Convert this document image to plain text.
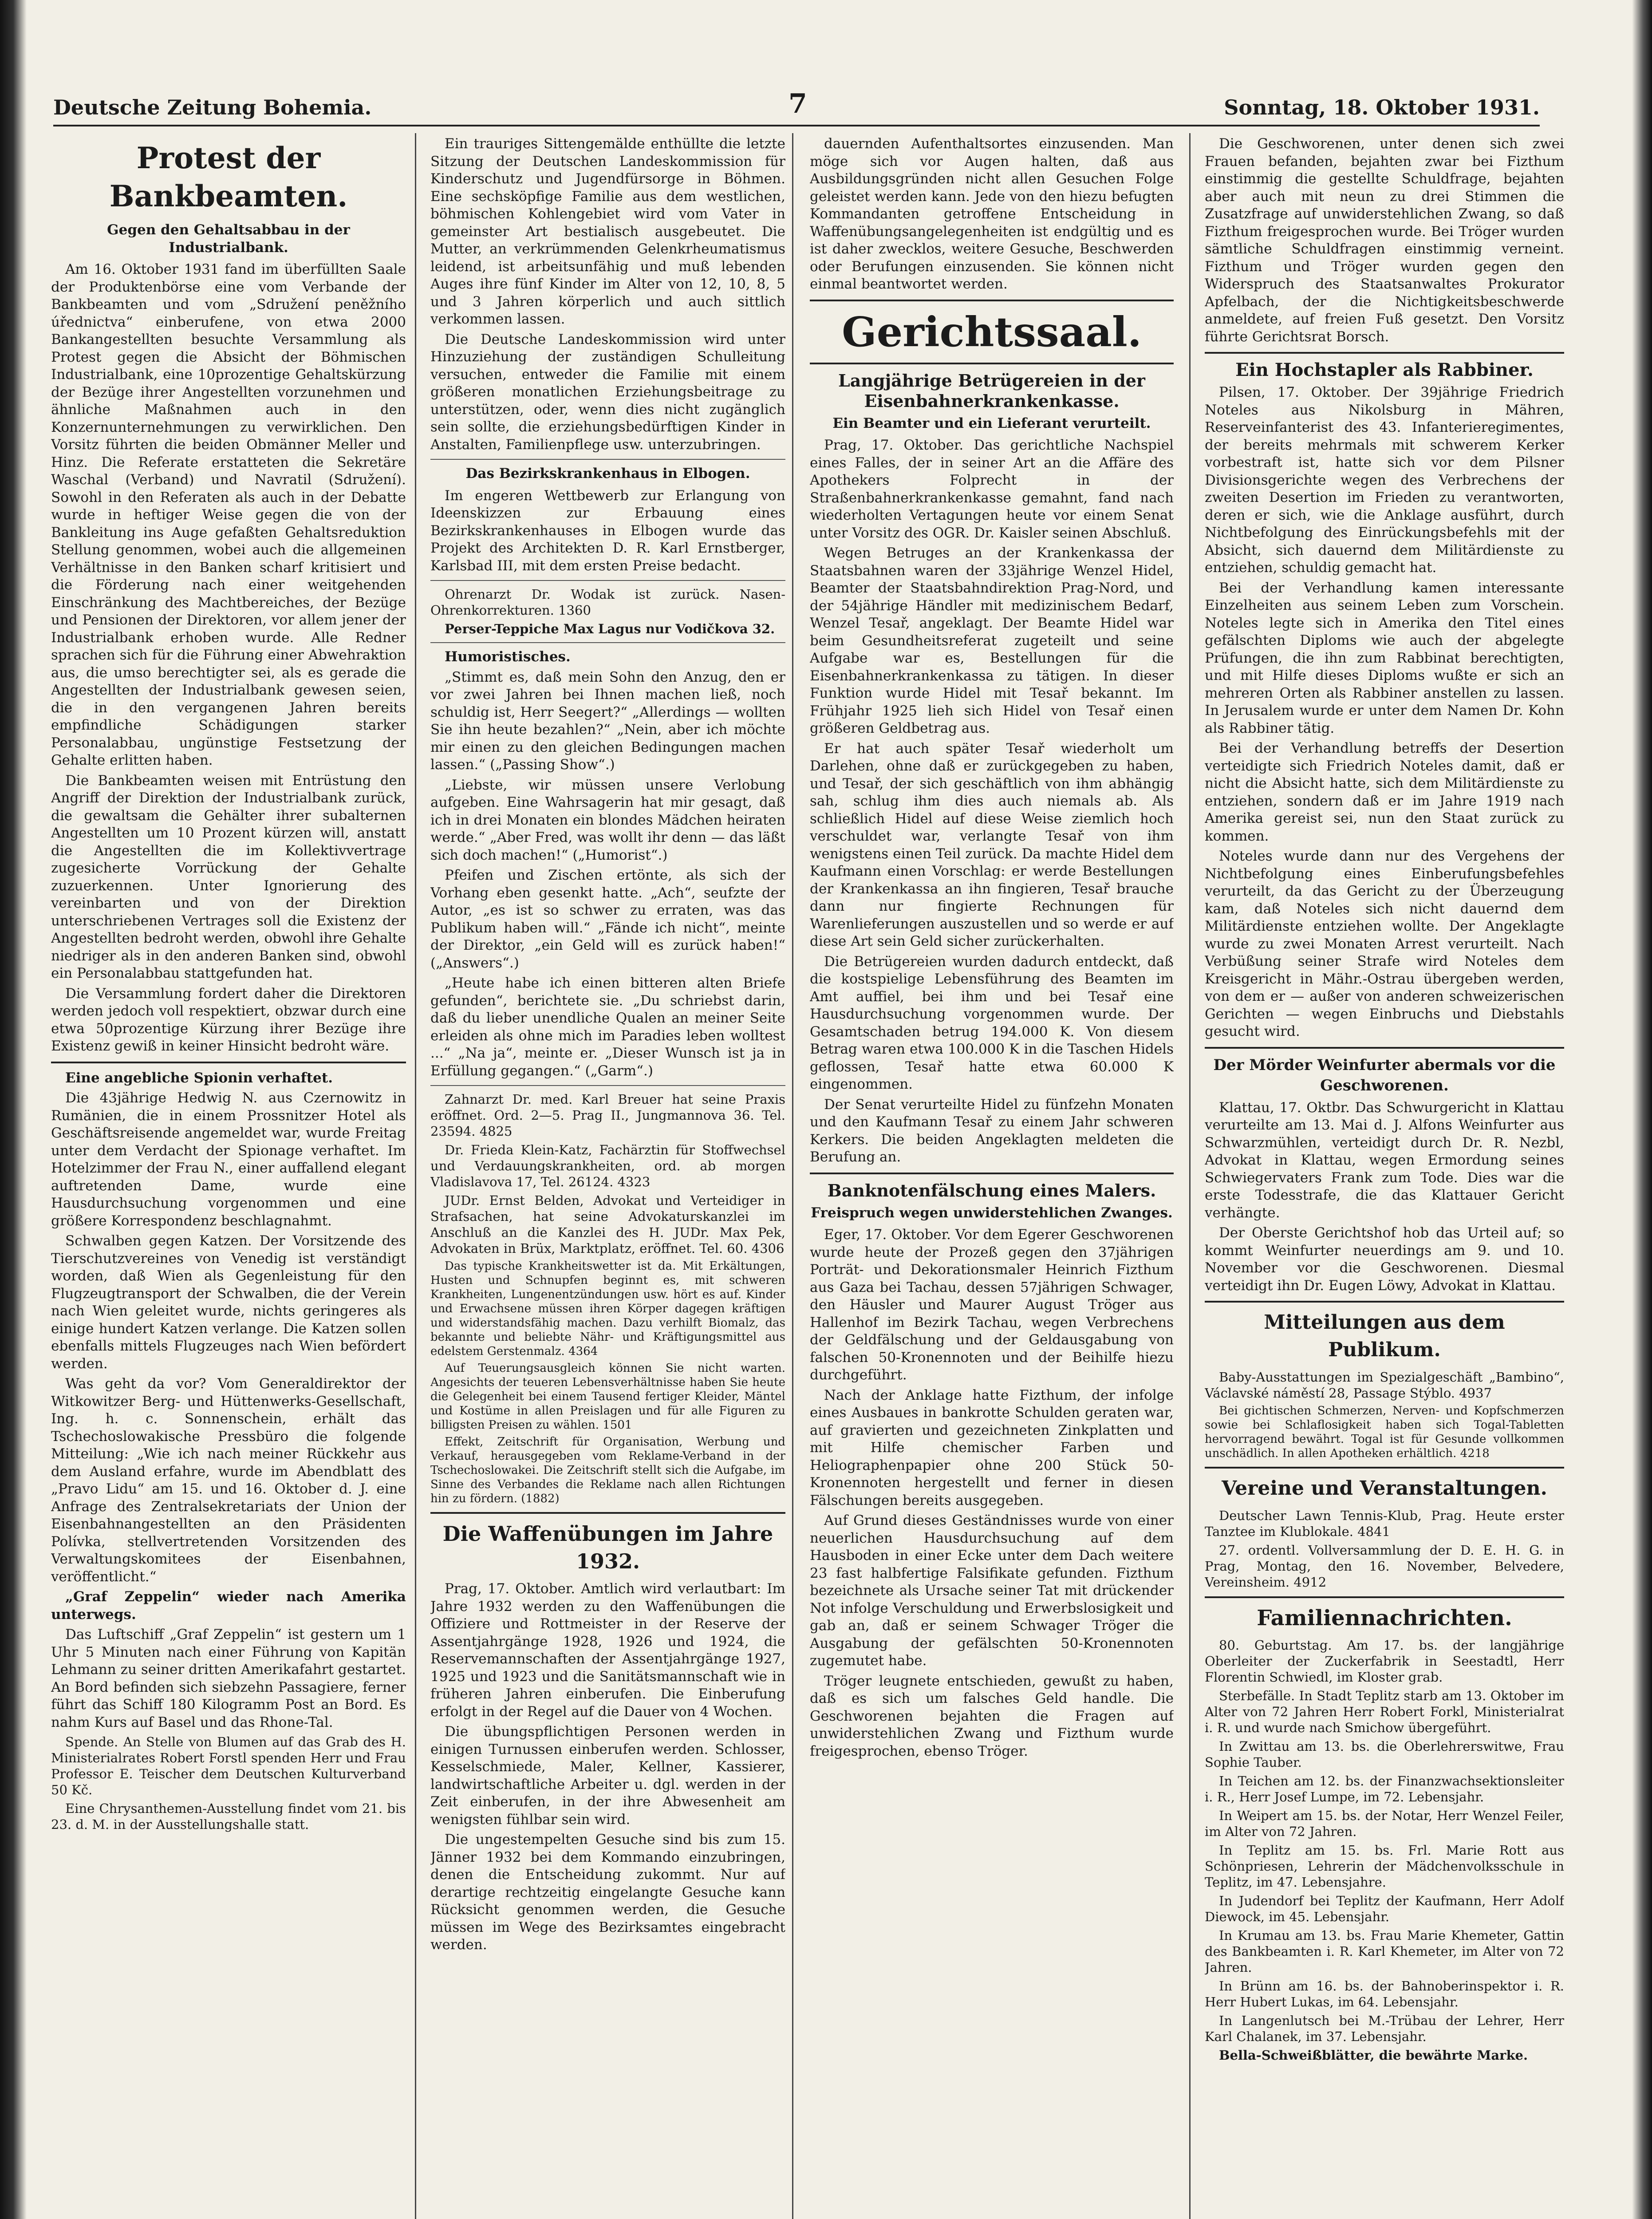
Deutsche Zeitung Bohemia.	7	Sonntag, 18. Oktober 1931.
Protest der Bankbeamten.
Gegen den Gehaltsabbau in der Industrialbank.

Am 16. Oktober 1931 fand im überfüllten Saale der Produktenbörse eine vom Verbande der Bankbeamten und vom „Sdružení peněžního úřednictva“ einberufene, von etwa 2000 Bankangestellten besuchte Versammlung als Protest gegen die Absicht der Böhmischen Industrialbank, eine 10prozentige Gehaltskürzung der Bezüge ihrer Angestellten vorzunehmen und ähnliche Maßnahmen auch in den Konzernunternehmungen zu verwirklichen. Den Vorsitz führten die beiden Obmänner Meller und Hinz. Die Referate erstatteten die Sekretäre Waschal (Verband) und Navratil (Sdružení). Sowohl in den Referaten als auch in der Debatte wurde in heftiger Weise gegen die von der Bankleitung ins Auge gefaßten Gehaltsreduktion Stellung genommen, wobei auch die allgemeinen Verhältnisse in den Banken scharf kritisiert und die Förderung nach einer weitgehenden Einschränkung des Machtbereiches, der Bezüge und Pensionen der Direktoren, vor allem jener der Industrialbank erhoben wurde. Alle Redner sprachen sich für die Führung einer Abwehraktion aus, die umso berechtigter sei, als es gerade die Angestellten der Industrialbank gewesen seien, die in den vergangenen Jahren bereits empfindliche Schädigungen starker Personalabbau, ungünstige Festsetzung der Gehalte erlitten haben.

Die Bankbeamten weisen mit Entrüstung den Angriff der Direktion der Industrialbank zurück, die gewaltsam die Gehälter ihrer subalternen Angestellten um 10 Prozent kürzen will, anstatt die Angestellten die im Kollektivvertrage zugesicherte Vorrückung der Gehalte zuzuerkennen. Unter Ignorierung des vereinbarten und von der Direktion unterschriebenen Vertrages soll die Existenz der Angestellten bedroht werden, obwohl ihre Gehalte niedriger als in den anderen Banken sind, obwohl ein Personalabbau stattgefunden hat.

Die Versammlung fordert daher die Direktoren werden jedoch voll respektiert, obzwar durch eine etwa 50prozentige Kürzung ihrer Bezüge ihre Existenz gewiß in keiner Hinsicht bedroht wäre.

Eine angebliche Spionin verhaftet.

Die 43jährige Hedwig N. aus Czernowitz in Rumänien, die in einem Prossnitzer Hotel als Geschäftsreisende angemeldet war, wurde Freitag unter dem Verdacht der Spionage verhaftet. Im Hotelzimmer der Frau N., einer auffallend elegant auftretenden Dame, wurde eine Hausdurchsuchung vorgenommen und eine größere Korrespondenz beschlagnahmt.

Schwalben gegen Katzen. Der Vorsitzende des Tierschutzvereines von Venedig ist verständigt worden, daß Wien als Gegenleistung für den Flugzeugtransport der Schwalben, die der Verein nach Wien geleitet wurde, nichts geringeres als einige hundert Katzen verlange. Die Katzen sollen ebenfalls mittels Flugzeuges nach Wien befördert werden.

Was geht da vor? Vom Generaldirektor der Witkowitzer Berg- und Hüttenwerks-Gesellschaft, Ing. h. c. Sonnenschein, erhält das Tschechoslowakische Pressbüro die folgende Mitteilung: „Wie ich nach meiner Rückkehr aus dem Ausland erfahre, wurde im Abendblatt des „Pravo Lidu“ am 15. und 16. Oktober d. J. eine Anfrage des Zentralsekretariats der Union der Eisenbahnangestellten an den Präsidenten Polívka, stellvertretenden Vorsitzenden des Verwaltungskomitees der Eisenbahnen, veröffentlicht.“

„Graf Zeppelin“ wieder nach Amerika unterwegs.

Das Luftschiff „Graf Zeppelin“ ist gestern um 1 Uhr 5 Minuten nach einer Führung von Kapitän Lehmann zu seiner dritten Amerikafahrt gestartet. An Bord befinden sich siebzehn Passagiere, ferner führt das Schiff 180 Kilogramm Post an Bord. Es nahm Kurs auf Basel und das Rhone-Tal.

Spende. An Stelle von Blumen auf das Grab des H. Ministerialrates Robert Forstl spenden Herr und Frau Professor E. Teischer dem Deutschen Kulturverband 50 Kč.

Eine Chrysanthemen-Ausstellung findet vom 21. bis 23. d. M. in der Ausstellungshalle statt.

Ein trauriges Sittengemälde enthüllte die letzte Sitzung der Deutschen Landeskommission für Kinderschutz und Jugendfürsorge in Böhmen. Eine sechsköpfige Familie aus dem westlichen, böhmischen Kohlengebiet wird vom Vater in gemeinster Art bestialisch ausgebeutet. Die Mutter, an verkrümmenden Gelenkrheumatismus leidend, ist arbeitsunfähig und muß lebenden Auges ihre fünf Kinder im Alter von 12, 10, 8, 5 und 3 Jahren körperlich und auch sittlich verkommen lassen.

Die Deutsche Landeskommission wird unter Hinzuziehung der zuständigen Schulleitung versuchen, entweder die Familie mit einem größeren monatlichen Erziehungsbeitrage zu unterstützen, oder, wenn dies nicht zugänglich sein sollte, die erziehungsbedürftigen Kinder in Anstalten, Familienpflege usw. unterzubringen.

Das Bezirkskrankenhaus in Elbogen.

Im engeren Wettbewerb zur Erlangung von Ideenskizzen zur Erbauung eines Bezirkskrankenhauses in Elbogen wurde das Projekt des Architekten D. R. Karl Ernstberger, Karlsbad III, mit dem ersten Preise bedacht.

Ohrenarzt Dr. Wodak ist zurück. Nasen-Ohrenkorrekturen. 1360

Perser-Teppiche Max Lagus nur Vodičkova 32.

Humoristisches.

„Stimmt es, daß mein Sohn den Anzug, den er vor zwei Jahren bei Ihnen machen ließ, noch schuldig ist, Herr Seegert?“ „Allerdings — wollten Sie ihn heute bezahlen?“ „Nein, aber ich möchte mir einen zu den gleichen Bedingungen machen lassen.“ („Passing Show“.)

„Liebste, wir müssen unsere Verlobung aufgeben. Eine Wahrsagerin hat mir gesagt, daß ich in drei Monaten ein blondes Mädchen heiraten werde.“ „Aber Fred, was wollt ihr denn — das läßt sich doch machen!“ („Humorist“.)

Pfeifen und Zischen ertönte, als sich der Vorhang eben gesenkt hatte. „Ach“, seufzte der Autor, „es ist so schwer zu erraten, was das Publikum haben will.“ „Fände ich nicht“, meinte der Direktor, „ein Geld will es zurück haben!“ („Answers“.)

„Heute habe ich einen bitteren alten Briefe gefunden“, berichtete sie. „Du schriebst darin, daß du lieber unendliche Qualen an meiner Seite erleiden als ohne mich im Paradies leben wolltest ...“ „Na ja“, meinte er. „Dieser Wunsch ist ja in Erfüllung gegangen.“ („Garm“.)

Zahnarzt Dr. med. Karl Breuer hat seine Praxis eröffnet. Ord. 2—5. Prag II., Jungmannova 36. Tel. 23594. 4825

Dr. Frieda Klein-Katz, Fachärztin für Stoffwechsel und Verdauungskrankheiten, ord. ab morgen Vladislavova 17, Tel. 26124. 4323

JUDr. Ernst Belden, Advokat und Verteidiger in Strafsachen, hat seine Advokaturskanzlei im Anschluß an die Kanzlei des H. JUDr. Max Pek, Advokaten in Brüx, Marktplatz, eröffnet. Tel. 60. 4306

Das typische Krankheitswetter ist da. Mit Erkältungen, Husten und Schnupfen beginnt es, mit schweren Krankheiten, Lungenentzündungen usw. hört es auf. Kinder und Erwachsene müssen ihren Körper dagegen kräftigen und widerstandsfähig machen. Dazu verhilft Biomalz, das bekannte und beliebte Nähr- und Kräftigungsmittel aus edelstem Gerstenmalz. 4364

Auf Teuerungsausgleich können Sie nicht warten. Angesichts der teueren Lebensverhältnisse haben Sie heute die Gelegenheit bei einem Tausend fertiger Kleider, Mäntel und Kostüme in allen Preislagen und für alle Figuren zu billigsten Preisen zu wählen. 1501

Effekt, Zeitschrift für Organisation, Werbung und Verkauf, herausgegeben vom Reklame-Verband in der Tschechoslowakei. Die Zeitschrift stellt sich die Aufgabe, im Sinne des Verbandes die Reklame nach allen Richtungen hin zu fördern. (1882)

Die Waffenübungen im Jahre 1932.

Prag, 17. Oktober. Amtlich wird verlautbart: Im Jahre 1932 werden zu den Waffenübungen die Offiziere und Rottmeister in der Reserve der Assentjahrgänge 1928, 1926 und 1924, die Reservemannschaften der Assentjahrgänge 1927, 1925 und 1923 und die Sanitätsmannschaft wie in früheren Jahren einberufen. Die Einberufung erfolgt in der Regel auf die Dauer von 4 Wochen.

Die übungspflichtigen Personen werden in einigen Turnussen einberufen werden. Schlosser, Kesselschmiede, Maler, Kellner, Kassierer, landwirtschaftliche Arbeiter u. dgl. werden in der Zeit einberufen, in der ihre Abwesenheit am wenigsten fühlbar sein wird.

Die ungestempelten Gesuche sind bis zum 15. Jänner 1932 bei dem Kommando einzubringen, denen die Entscheidung zukommt. Nur auf derartige rechtzeitig eingelangte Gesuche kann Rücksicht genommen werden, die Gesuche müssen im Wege des Bezirksamtes eingebracht werden.

dauernden Aufenthaltsortes einzusenden. Man möge sich vor Augen halten, daß aus Ausbildungsgründen nicht allen Gesuchen Folge geleistet werden kann. Jede von den hiezu befugten Kommandanten getroffene Entscheidung in Waffenübungsangelegenheiten ist endgültig und es ist daher zwecklos, weitere Gesuche, Beschwerden oder Berufungen einzusenden. Sie können nicht einmal beantwortet werden.

Gerichtssaal.
Langjährige Betrügereien in der Eisenbahnerkrankenkasse.
Ein Beamter und ein Lieferant verurteilt.

Prag, 17. Oktober. Das gerichtliche Nachspiel eines Falles, der in seiner Art an die Affäre des Apothekers Folprecht in der Straßenbahnerkrankenkasse gemahnt, fand nach wiederholten Vertagungen heute vor einem Senat unter Vorsitz des OGR. Dr. Kaisler seinen Abschluß.

Wegen Betruges an der Krankenkassa der Staatsbahnen waren der 33jährige Wenzel Hidel, Beamter der Staatsbahndirektion Prag-Nord, und der 54jährige Händler mit medizinischem Bedarf, Wenzel Tesař, angeklagt. Der Beamte Hidel war beim Gesundheitsreferat zugeteilt und seine Aufgabe war es, Bestellungen für die Eisenbahnerkrankenkassa zu tätigen. In dieser Funktion wurde Hidel mit Tesař bekannt. Im Frühjahr 1925 lieh sich Hidel von Tesař einen größeren Geldbetrag aus.

Er hat auch später Tesař wiederholt um Darlehen, ohne daß er zurückgegeben zu haben, und Tesař, der sich geschäftlich von ihm abhängig sah, schlug ihm dies auch niemals ab. Als schließlich Hidel auf diese Weise ziemlich hoch verschuldet war, verlangte Tesař von ihm wenigstens einen Teil zurück. Da machte Hidel dem Kaufmann einen Vorschlag: er werde Bestellungen der Krankenkassa an ihn fingieren, Tesař brauche dann nur fingierte Rechnungen für Warenlieferungen auszustellen und so werde er auf diese Art sein Geld sicher zurückerhalten.

Die Betrügereien wurden dadurch entdeckt, daß die kostspielige Lebensführung des Beamten im Amt auffiel, bei ihm und bei Tesař eine Hausdurchsuchung vorgenommen wurde. Der Gesamtschaden betrug 194.000 K. Von diesem Betrag waren etwa 100.000 K in die Taschen Hidels geflossen, Tesař hatte etwa 60.000 K eingenommen.

Der Senat verurteilte Hidel zu fünfzehn Monaten und den Kaufmann Tesař zu einem Jahr schweren Kerkers. Die beiden Angeklagten meldeten die Berufung an.

Banknotenfälschung eines Malers.
Freispruch wegen unwiderstehlichen Zwanges.

Eger, 17. Oktober. Vor dem Egerer Geschworenen wurde heute der Prozeß gegen den 37jährigen Porträt- und Dekorationsmaler Heinrich Fizthum aus Gaza bei Tachau, dessen 57jährigen Schwager, den Häusler und Maurer August Tröger aus Hallenhof im Bezirk Tachau, wegen Verbrechens der Geldfälschung und der Geldausgabung von falschen 50-Kronennoten und der Beihilfe hiezu durchgeführt.

Nach der Anklage hatte Fizthum, der infolge eines Ausbaues in bankrotte Schulden geraten war, auf gravierten und gezeichneten Zinkplatten und mit Hilfe chemischer Farben und Heliographenpapier ohne 200 Stück 50-Kronennoten hergestellt und ferner in diesen Fälschungen bereits ausgegeben.

Auf Grund dieses Geständnisses wurde von einer neuerlichen Hausdurchsuchung auf dem Hausboden in einer Ecke unter dem Dach weitere 23 fast halbfertige Falsifikate gefunden. Fizthum bezeichnete als Ursache seiner Tat mit drückender Not infolge Verschuldung und Erwerbslosigkeit und gab an, daß er seinem Schwager Tröger die Ausgabung der gefälschten 50-Kronennoten zugemutet habe.

Tröger leugnete entschieden, gewußt zu haben, daß es sich um falsches Geld handle. Die Geschworenen bejahten die Fragen auf unwiderstehlichen Zwang und Fizthum wurde freigesprochen, ebenso Tröger.

Die Geschworenen, unter denen sich zwei Frauen befanden, bejahten zwar bei Fizthum einstimmig die gestellte Schuldfrage, bejahten aber auch mit neun zu drei Stimmen die Zusatzfrage auf unwiderstehlichen Zwang, so daß Fizthum freigesprochen wurde. Bei Tröger wurden sämtliche Schuldfragen einstimmig verneint. Fizthum und Tröger wurden gegen den Widerspruch des Staatsanwaltes Prokurator Apfelbach, der die Nichtigkeitsbeschwerde anmeldete, auf freien Fuß gesetzt. Den Vorsitz führte Gerichtsrat Borsch.

Ein Hochstapler als Rabbiner.

Pilsen, 17. Oktober. Der 39jährige Friedrich Noteles aus Nikolsburg in Mähren, Reserveinfanterist des 43. Infanterieregimentes, der bereits mehrmals mit schwerem Kerker vorbestraft ist, hatte sich vor dem Pilsner Divisionsgerichte wegen des Verbrechens der zweiten Desertion im Frieden zu verantworten, deren er sich, wie die Anklage ausführt, durch Nichtbefolgung des Einrückungsbefehls mit der Absicht, sich dauernd dem Militärdienste zu entziehen, schuldig gemacht hat.

Bei der Verhandlung kamen interessante Einzelheiten aus seinem Leben zum Vorschein. Noteles legte sich in Amerika den Titel eines gefälschten Diploms wie auch der abgelegte Prüfungen, die ihn zum Rabbinat berechtigten, und mit Hilfe dieses Diploms wußte er sich an mehreren Orten als Rabbiner anstellen zu lassen. In Jerusalem wurde er unter dem Namen Dr. Kohn als Rabbiner tätig.

Bei der Verhandlung betreffs der Desertion verteidigte sich Friedrich Noteles damit, daß er nicht die Absicht hatte, sich dem Militärdienste zu entziehen, sondern daß er im Jahre 1919 nach Amerika gereist sei, nun den Staat zurück zu kommen.

Noteles wurde dann nur des Vergehens der Nichtbefolgung eines Einberufungsbefehles verurteilt, da das Gericht zu der Überzeugung kam, daß Noteles sich nicht dauernd dem Militärdienste entziehen wollte. Der Angeklagte wurde zu zwei Monaten Arrest verurteilt. Nach Verbüßung seiner Strafe wird Noteles dem Kreisgericht in Mähr.-Ostrau übergeben werden, von dem er — außer von anderen schweizerischen Gerichten — wegen Einbruchs und Diebstahls gesucht wird.

Der Mörder Weinfurter abermals vor die Geschworenen.

Klattau, 17. Oktbr. Das Schwurgericht in Klattau verurteilte am 13. Mai d. J. Alfons Weinfurter aus Schwarzmühlen, verteidigt durch Dr. R. Nezbl, Advokat in Klattau, wegen Ermordung seines Schwiegervaters Frank zum Tode. Dies war die erste Todesstrafe, die das Klattauer Gericht verhängte.

Der Oberste Gerichtshof hob das Urteil auf; so kommt Weinfurter neuerdings am 9. und 10. November vor die Geschworenen. Diesmal verteidigt ihn Dr. Eugen Löwy, Advokat in Klattau.

Mitteilungen aus dem Publikum.

Baby-Ausstattungen im Spezialgeschäft „Bambino“, Václavské náměstí 28, Passage Stýblo. 4937

Bei gichtischen Schmerzen, Nerven- und Kopfschmerzen sowie bei Schlaflosigkeit haben sich Togal-Tabletten hervorragend bewährt. Togal ist für Gesunde vollkommen unschädlich. In allen Apotheken erhältlich. 4218

Vereine und Veranstaltungen.

Deutscher Lawn Tennis-Klub, Prag. Heute erster Tanztee im Klublokale. 4841

27. ordentl. Vollversammlung der D. E. H. G. in Prag, Montag, den 16. November, Belvedere, Vereinsheim. 4912

Familiennachrichten.

80. Geburtstag. Am 17. bs. der langjährige Oberleiter der Zuckerfabrik in Seestadtl, Herr Florentin Schwiedl, im Kloster grab.

Sterbefälle. In Stadt Teplitz starb am 13. Oktober im Alter von 72 Jahren Herr Robert Forkl, Ministerialrat i. R. und wurde nach Smichow übergeführt.

In Zwittau am 13. bs. die Oberlehrerswitwe, Frau Sophie Tauber.

In Teichen am 12. bs. der Finanzwachsektionsleiter i. R., Herr Josef Lumpe, im 72. Lebensjahr.

In Weipert am 15. bs. der Notar, Herr Wenzel Feiler, im Alter von 72 Jahren.

In Teplitz am 15. bs. Frl. Marie Rott aus Schönpriesen, Lehrerin der Mädchenvolksschule in Teplitz, im 47. Lebensjahre.

In Judendorf bei Teplitz der Kaufmann, Herr Adolf Diewock, im 45. Lebensjahr.

In Krumau am 13. bs. Frau Marie Khemeter, Gattin des Bankbeamten i. R. Karl Khemeter, im Alter von 72 Jahren.

In Brünn am 16. bs. der Bahnoberinspektor i. R. Herr Hubert Lukas, im 64. Lebensjahr.

In Langenlutsch bei M.-Trübau der Lehrer, Herr Karl Chalanek, im 37. Lebensjahr.

Bella-Schweißblätter, die bewährte Marke.
